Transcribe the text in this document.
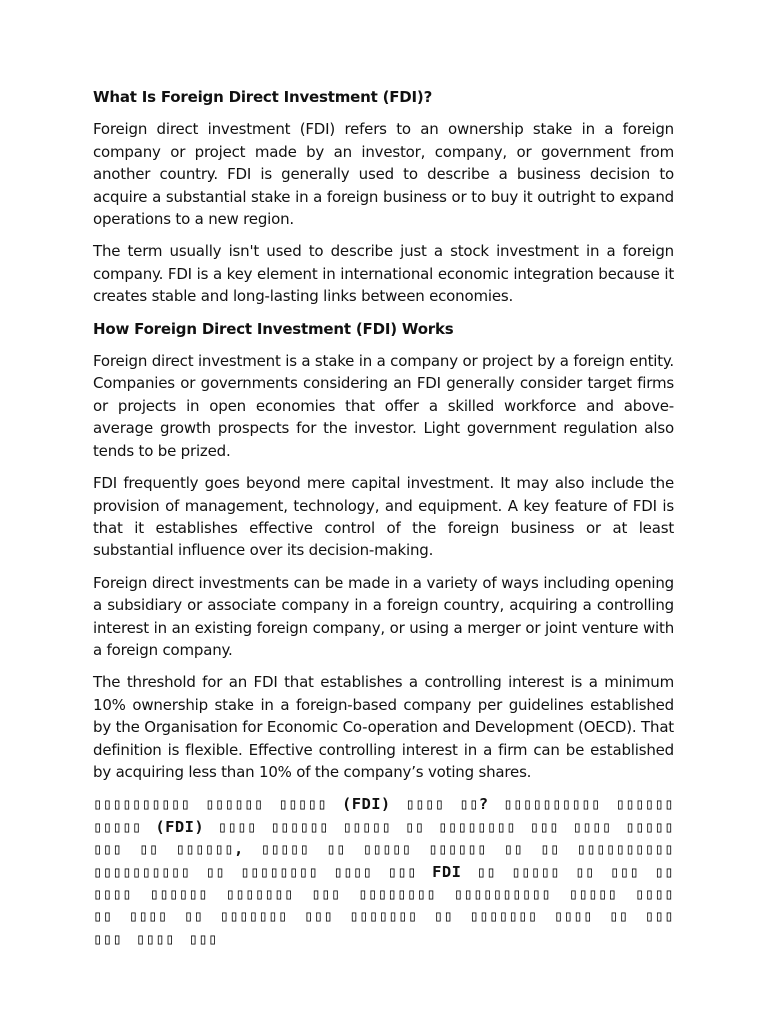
What Is Foreign Direct Investment (FDI)?

Foreign direct investment (FDI) refers to an ownership stake in a foreign company or project made by an investor, company, or government from another country. FDI is generally used to describe a business decision to acquire a substantial stake in a foreign business or to buy it outright to expand operations to a new region.

The term usually isn't used to describe just a stock investment in a foreign company. FDI is a key element in international economic integration because it creates stable and long-lasting links between economies.

How Foreign Direct Investment (FDI) Works

Foreign direct investment is a stake in a company or project by a foreign entity. Companies or governments considering an FDI generally consider target firms or projects in open economies that offer a skilled workforce and above-average growth prospects for the investor. Light government regulation also tends to be prized.

FDI frequently goes beyond mere capital investment. It may also include the provision of management, technology, and equipment. A key feature of FDI is that it establishes effective control of the foreign business or at least substantial influence over its decision-making.

Foreign direct investments can be made in a variety of ways including opening a subsidiary or associate company in a foreign country, acquiring a controlling interest in an existing foreign company, or using a merger or joint venture with a foreign company.

The threshold for an FDI that establishes a controlling interest is a minimum 10% ownership stake in a foreign-based company per guidelines established by the Organisation for Economic Co-operation and Development (OECD). That definition is flexible. Effective controlling interest in a firm can be established by acquiring less than 10% of the company’s voting shares.

▯▯▯▯▯▯▯▯▯▯ ▯▯▯▯▯▯ ▯▯▯▯▯ (FDI) ▯▯▯▯ ▯▯? ▯▯▯▯▯▯▯▯▯▯ ▯▯▯▯▯▯ ▯▯▯▯▯ (FDI) ▯▯▯▯ ▯▯▯▯▯▯ ▯▯▯▯▯ ▯▯ ▯▯▯▯▯▯▯▯ ▯▯▯ ▯▯▯▯ ▯▯▯▯▯ ▯▯▯ ▯▯ ▯▯▯▯▯▯, ▯▯▯▯▯ ▯▯ ▯▯▯▯▯ ▯▯▯▯▯▯ ▯▯ ▯▯ ▯▯▯▯▯▯▯▯▯▯ ▯▯▯▯▯▯▯▯▯▯ ▯▯ ▯▯▯▯▯▯▯▯ ▯▯▯▯ ▯▯▯ FDI ▯▯ ▯▯▯▯▯ ▯▯ ▯▯▯ ▯▯ ▯▯▯▯ ▯▯▯▯▯▯ ▯▯▯▯▯▯▯ ▯▯▯ ▯▯▯▯▯▯▯▯ ▯▯▯▯▯▯▯▯▯▯ ▯▯▯▯▯ ▯▯▯▯ ▯▯ ▯▯▯▯ ▯▯ ▯▯▯▯▯▯▯ ▯▯▯ ▯▯▯▯▯▯▯ ▯▯ ▯▯▯▯▯▯▯ ▯▯▯▯ ▯▯ ▯▯▯ ▯▯▯ ▯▯▯▯ ▯▯▯
